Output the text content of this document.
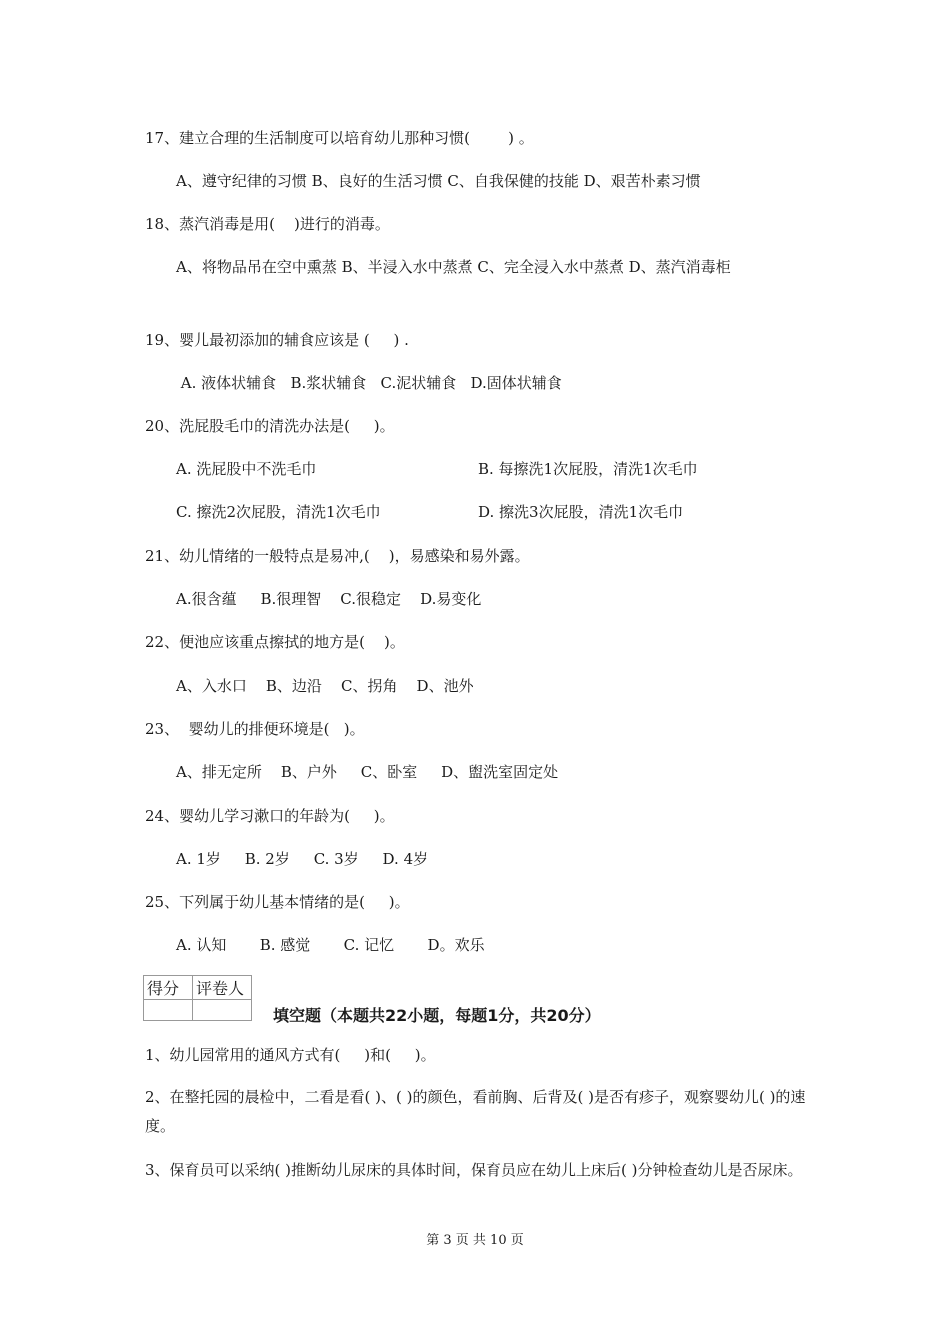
17、建立合理的生活制度可以培育幼儿那种习惯(        ) 。
A、遵守纪律的习惯 B、良好的生活习惯 C、自我保健的技能 D、艰苦朴素习惯
18、蒸汽消毒是用(    )进行的消毒。
A、将物品吊在空中熏蒸 B、半浸入水中蒸煮 C、完全浸入水中蒸煮 D、蒸汽消毒柜
19、婴儿最初添加的辅食应该是 (     ) .
A. 液体状辅食   B.浆状辅食   C.泥状辅食   D.固体状辅食
20、洗屁股毛巾的清洗办法是(     )。
A. 洗屁股中不洗毛巾	B. 每擦洗1次屁股，清洗1次毛巾
C. 擦洗2次屁股，清洗1次毛巾	D. 擦洗3次屁股，清洗1次毛巾
21、幼儿情绪的一般特点是易冲,(    )，易感染和易外露。
A.很含蕴     B.很理智    C.很稳定    D.易变化
22、便池应该重点擦拭的地方是(    )。
A、入水口    B、边沿    C、拐角    D、池外
23、  婴幼儿的排便环境是(   )。
A、排无定所    B、户外     C、卧室     D、盥洗室固定处
24、婴幼儿学习漱口的年龄为(     )。
A. 1岁     B. 2岁     C. 3岁     D. 4岁
25、下列属于幼儿基本情绪的是(     )。
A. 认知       B. 感觉       C. 记忆       D。欢乐
得分	评卷人

填空题（本题共22小题，每题1分，共20分）
1、幼儿园常用的通风方式有(     )和(     )。
2、在整托园的晨检中，二看是看( )、( )的颜色，看前胸、后背及( )是否有疹子，观察婴幼儿( )的速度。
3、保育员可以采纳( )推断幼儿尿床的具体时间，保育员应在幼儿上床后( )分钟检查幼儿是否尿床。
第 3 页 共 10 页
